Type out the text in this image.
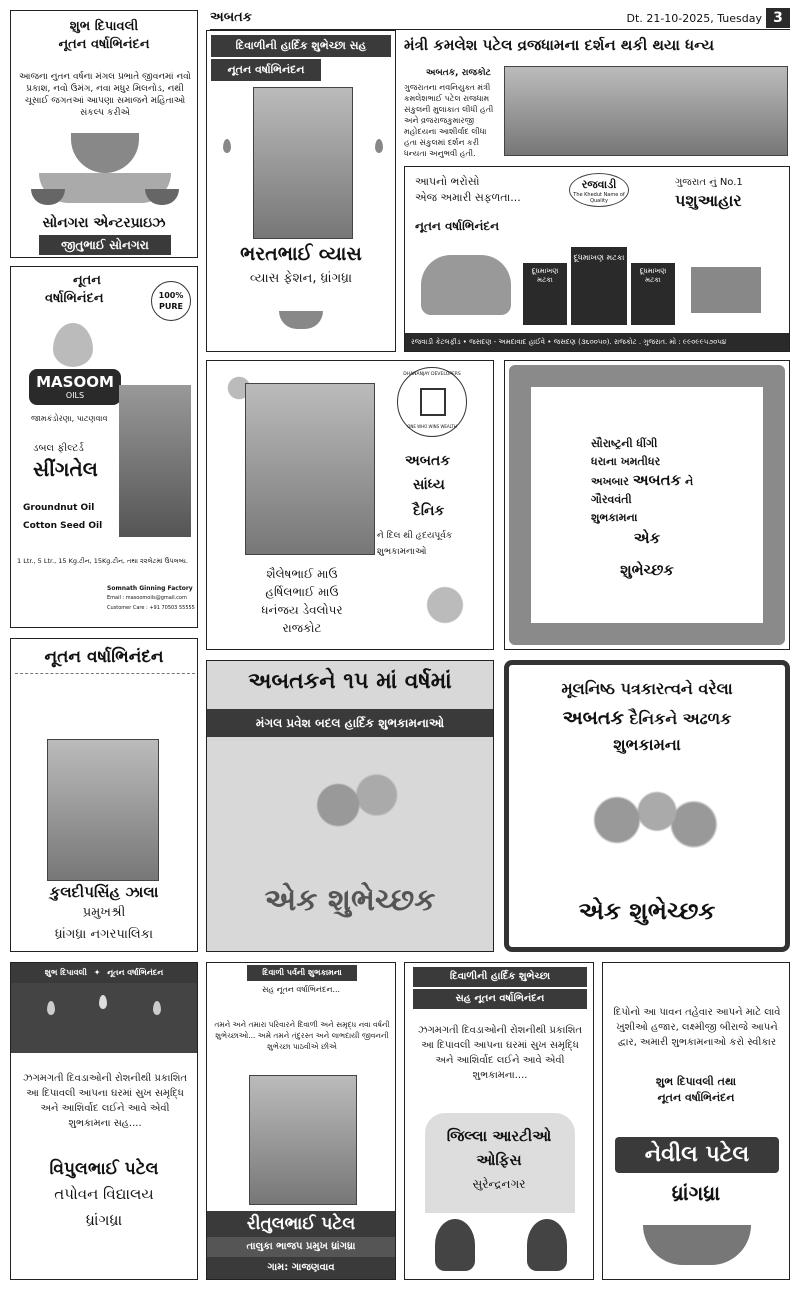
અબતક	Dt. 21-10-2025, Tuesday 3
શુભ દિપાવલી
નૂતન વર્ષાભિનંદન
આજના નુતન વર્ષના મંગલ પ્રભાતે જીવનમાં નવો પ્રકાશ, નવો ઉમંગ, નવા મધુર મિલનોડ, નથી ચૂસાઈ જગતઆં આપણા સમાજને મહિતાઓ સંકલ્પ કરીએ
સોનગરા એન્ટરપ્રાઇઝ
જીતુભાઈ સોનગરા
દિવાળીની હાર્દિક શુભેચ્છા સહ
નૂતન વર્ષાભિનંદન
ભરતભાઈ વ્યાસ
વ્યાસ ફેશન, ધ્રાંગધ્રા
મંત્રી કમલેશ પટેલ વ્રજધામના દર્શન થકી થયા ધન્ય
અબતક, રાજકોટ
ગુજરાતના નવનિયુક્ત મંત્રી કમલેશભાઈ પટેલ રાજધામ સંકુલની મુલાકાત લીધી હતી અને વ્રજરાજકુમારજી મહોદયના આશીર્વાદ લીધા હતા સંકુલમાં દર્શન કરી ધન્યતા અનુભવી હતી.
આપનો ભરોસો
એજ અમારી સફળતા...
રજવાડી
The Khedut Name of Quality
ગુજરાત નું No.1
પશુઆહાર
નૂતન વર્ષાભિનંદન
દૂધમાખણ મટકા
દૂધમાખણ મટકા
દૂધમાખણ મટકા
રજવાડી કેટલફીડ • જસદણ - અમદાવાદ હાઈવે • જસદણ (૩૬૦૦૫૦). રાજકોટ . ગુજરાત. મો : ૯૯૦૯૯૫૭૦૫૪
નૂતન
વર્ષાભિનંદન	100% PURE
MASOOM
OILS
જામકંડોરણા, પાટણવાવ
ડબલ ફીલ્ટર્ડ
સીંગતેલ
Groundnut Oil
Cotton Seed Oil
1 Ltr., 5 Ltr., 15 Kg.ટીન, 15Kg.ટીન, તથા ૨૨લેટમાં ઉપલબ્ધ.
Somnath Ginning Factory
Email : masoomoils@gmail.com
Customer Care : +91 70503 55555
DHANANJAY DEVELOPERS
ONE WHO WINS WEALTH
અબતક
સાંધ્ય
દૈનિક
ને દિલ થી હૃદયપૂર્વક
શુભકામનાઓ
શૈલેષભાઈ માઉ
હર્ષિલભાઈ માઉ
ધનંજય ડેવલોપર
રાજકોટ
સૌરાષ્ટ્રની ધીંગી
ધરાના ખમતીધર
અખબાર અબતક ને
ગૌરવવંતી
શુભકામના
એક
શુભેચ્છક
નૂતન વર્ષાભિનંદન
કુલદીપસિંહ ઝાલા
પ્રમુખશ્રી
ધ્રાંગધ્રા નગરપાલિકા
અબતકને ૧૫ માં વર્ષમાં
મંગલ પ્રવેશ બદલ હાર્દિક શુભકામનાઓ
એક શુભેચ્છક
મૂલનિષ્ઠ પત્રકારત્વને વરેલા
અબતક દૈનિકને અઢળક
શુભકામના
એક શુભેચ્છક
શુભ દિપાવલી ✦ નૂતન વર્ષાભિનંદન
ઝગમગતી દિવડાઓની રોશનીથી પ્રકાશિત આ દિપાવલી આપના ઘરમાં સુખ સમૃદ્ધિ અને આશિર્વાદ લઈને આવે એવી શુભકામના સહ....
વિપુલભાઈ પટેલ
તપોવન વિદ્યાલય
ધ્રાંગધ્રા
દિવાળી પર્વની શુભકામના
સહ નૂતન વર્ષાભિનંદન...
તમને અને તમારા પરિવારને દિવાળી અને સમૃદ્ધ નવા વર્ષની શુભેચ્છાઓ... અમે તમને તંદુરસ્ત અને લાભદાયી જીવનની શુભેચ્છા પાઠવીએ છીએ
રીતુલભાઈ પટેલ
તાલુકા ભાજપ પ્રમુખ ધ્રાંગધ્રા
ગામ: ગાજણવાવ
દિવાળીની હાર્દિક શુભેચ્છા
સહ નૂતન વર્ષાભિનંદન
ઝગમગતી દિવડાઓની રોશનીથી પ્રકાશિત આ દિપાવલી આપના ઘરમાં સુખ સમૃદ્ધિ અને આશિર્વાદ લઈને આવે એવી શુભકામના....
જિલ્લા આરટીઓ
ઓફિસ
સુરેન્દ્રનગર
દિપોનો આ પાવન તહેવાર આપને માટે લાવે ખુશીઓ હજાર, લક્ષ્મીજી બીરાજે આપને દ્વાર, અમારી શુભકામનાઓ કરો સ્વીકાર
શુભ દિપાવલી તથા
નૂતન વર્ષાભિનંદન
નેવીલ પટેલ
ધ્રાંગધ્રા
